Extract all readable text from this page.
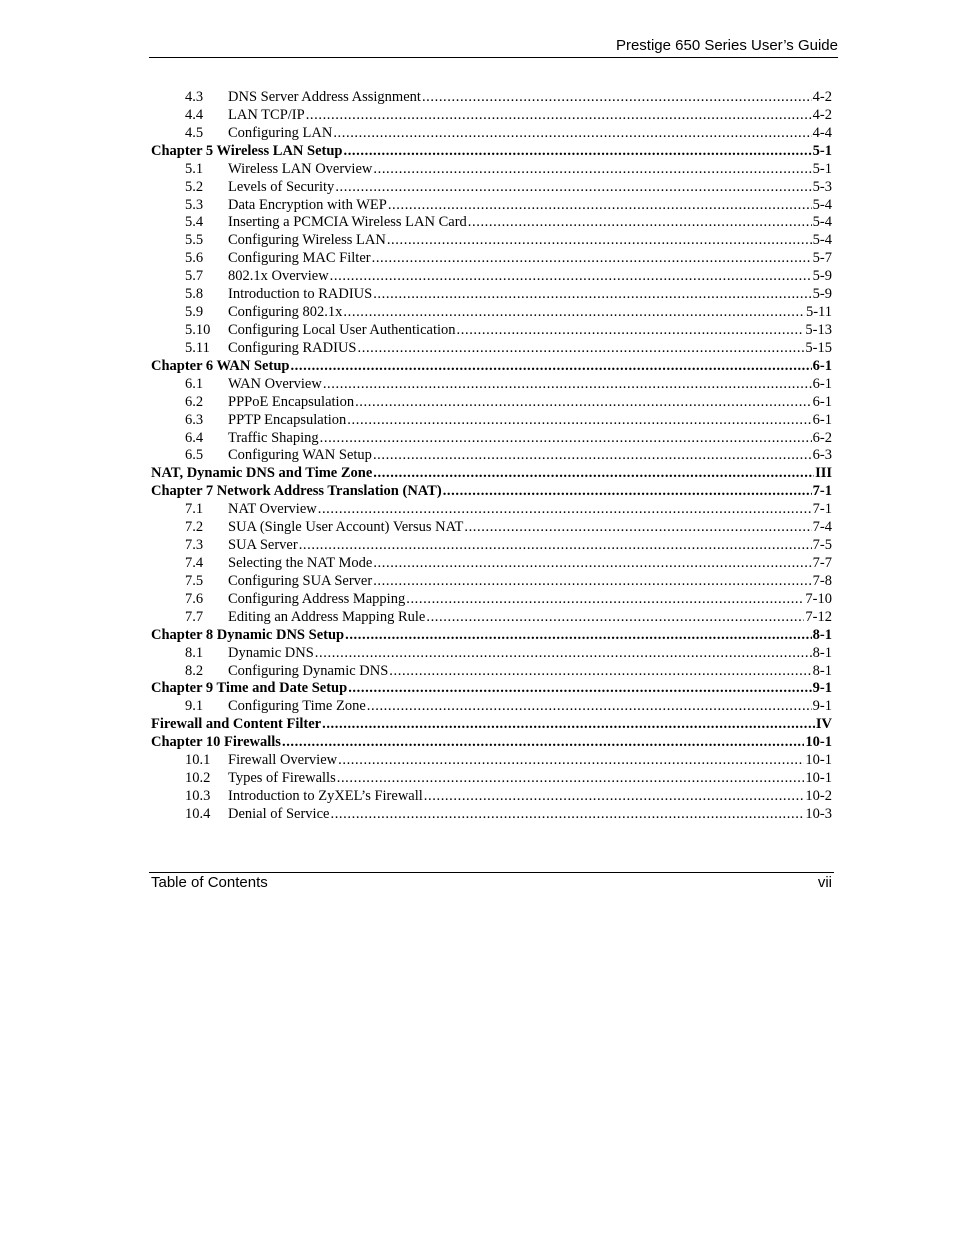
Prestige 650 Series User’s Guide
4.3	DNS Server Address Assignment .....	4-2
4.4	LAN TCP/IP .....	4-2
4.5	Configuring LAN .....	4-4
Chapter 5 Wireless LAN Setup .....	5-1
5.1	Wireless LAN Overview .....	5-1
5.2	Levels of Security .....	5-3
5.3	Data Encryption with WEP .....	5-4
5.4	Inserting a PCMCIA Wireless LAN Card .....	5-4
5.5	Configuring Wireless LAN .....	5-4
5.6	Configuring MAC Filter .....	5-7
5.7	802.1x Overview .....	5-9
5.8	Introduction to RADIUS .....	5-9
5.9	Configuring 802.1x .....	5-11
5.10	Configuring Local User Authentication .....	5-13
5.11	Configuring RADIUS .....	5-15
Chapter 6 WAN Setup .....	6-1
6.1	WAN Overview .....	6-1
6.2	PPPoE Encapsulation .....	6-1
6.3	PPTP Encapsulation .....	6-1
6.4	Traffic Shaping .....	6-2
6.5	Configuring WAN Setup .....	6-3
NAT, Dynamic DNS and Time Zone .....	III
Chapter 7 Network Address Translation (NAT) .....	7-1
7.1	NAT Overview .....	7-1
7.2	SUA (Single User Account) Versus NAT .....	7-4
7.3	SUA Server .....	7-5
7.4	Selecting the NAT Mode .....	7-7
7.5	Configuring SUA Server .....	7-8
7.6	Configuring Address Mapping .....	7-10
7.7	Editing an Address Mapping Rule .....	7-12
Chapter 8 Dynamic DNS Setup .....	8-1
8.1	Dynamic DNS .....	8-1
8.2	Configuring Dynamic DNS .....	8-1
Chapter 9 Time and Date Setup .....	9-1
9.1	Configuring Time Zone .....	9-1
Firewall and Content Filter .....	IV
Chapter 10 Firewalls .....	10-1
10.1	Firewall Overview .....	10-1
10.2	Types of Firewalls .....	10-1
10.3	Introduction to ZyXEL’s Firewall .....	10-2
10.4	Denial of Service .....	10-3
Table of Contents	vii
